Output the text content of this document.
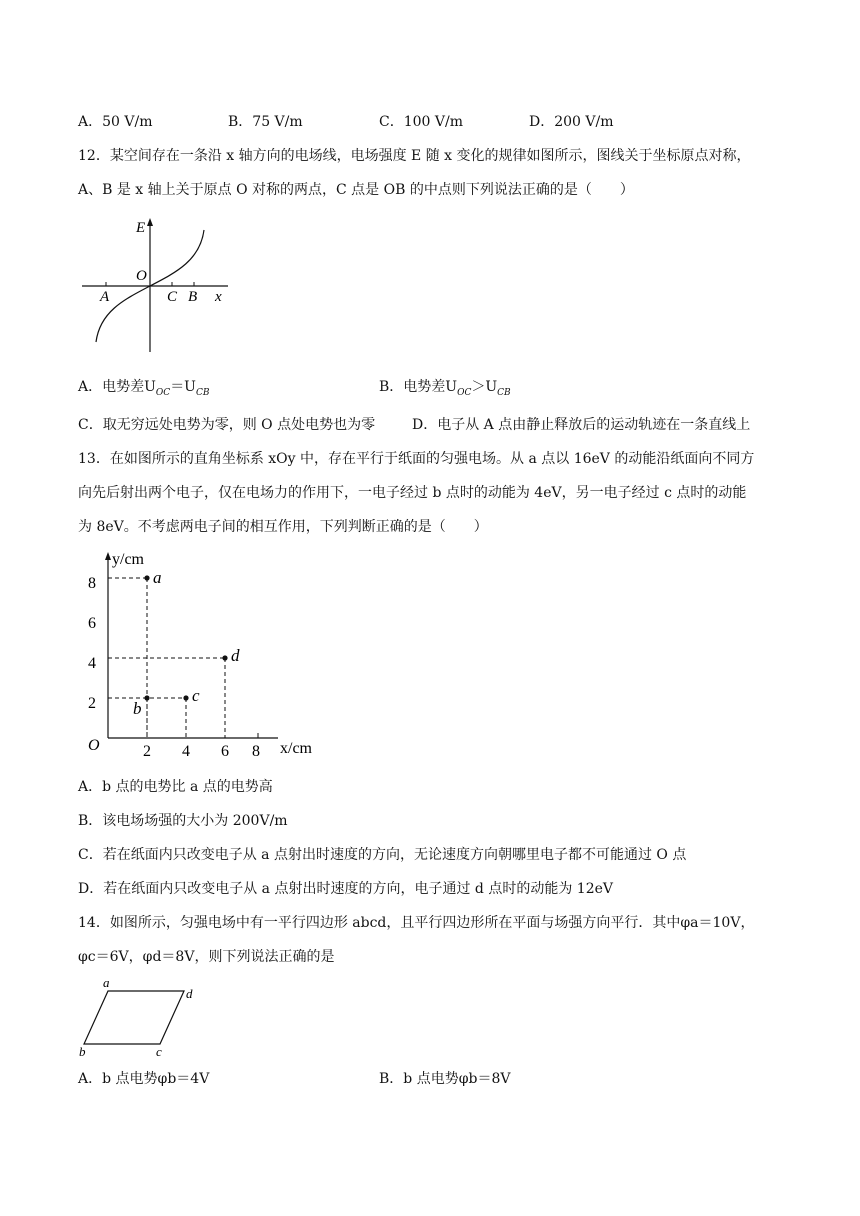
A．50 V/m	B．75 V/m	C．100 V/m	D．200 V/m
12．某空间存在一条沿 x 轴方向的电场线，电场强度 E 随 x 变化的规律如图所示，图线关于坐标原点对称，
A、B 是 x 轴上关于原点 O 对称的两点，C 点是 OB 的中点则下列说法正确的是（　　）
E
O
A	C B x
A．电势差$U_{OC}=U_{CB}$	B．电势差$U_{OC}>U_{CB}$
C．取无穷远处电势为零，则 O 点处电势也为零	D．电子从 A 点由静止释放后的运动轨迹在一条直线上
13．在如图所示的直角坐标系 xOy 中，存在平行于纸面的匀强电场。从 a 点以 16eV 的动能沿纸面向不同方
向先后射出两个电子，仅在电场力的作用下，一电子经过 b 点时的动能为 4eV，另一电子经过 c 点时的动能
为 8eV。不考虑两电子间的相互作用，下列判断正确的是（　　）
y/cm
x/cm
O
8
6
4
2
2 4 6 8
a
b
c
d
A．b 点的电势比 a 点的电势高
B．该电场场强的大小为 200V/m
C．若在纸面内只改变电子从 a 点射出时速度的方向，无论速度方向朝哪里电子都不可能通过 O 点
D．若在纸面内只改变电子从 a 点射出时速度的方向，电子通过 d 点时的动能为 12eV
14．如图所示，匀强电场中有一平行四边形 abcd，且平行四边形所在平面与场强方向平行．其中φa＝10V，
φc＝6V，φd＝8V，则下列说法正确的是
a
d
b	c
A．b 点电势φb＝4V	B．b 点电势φb＝8V
